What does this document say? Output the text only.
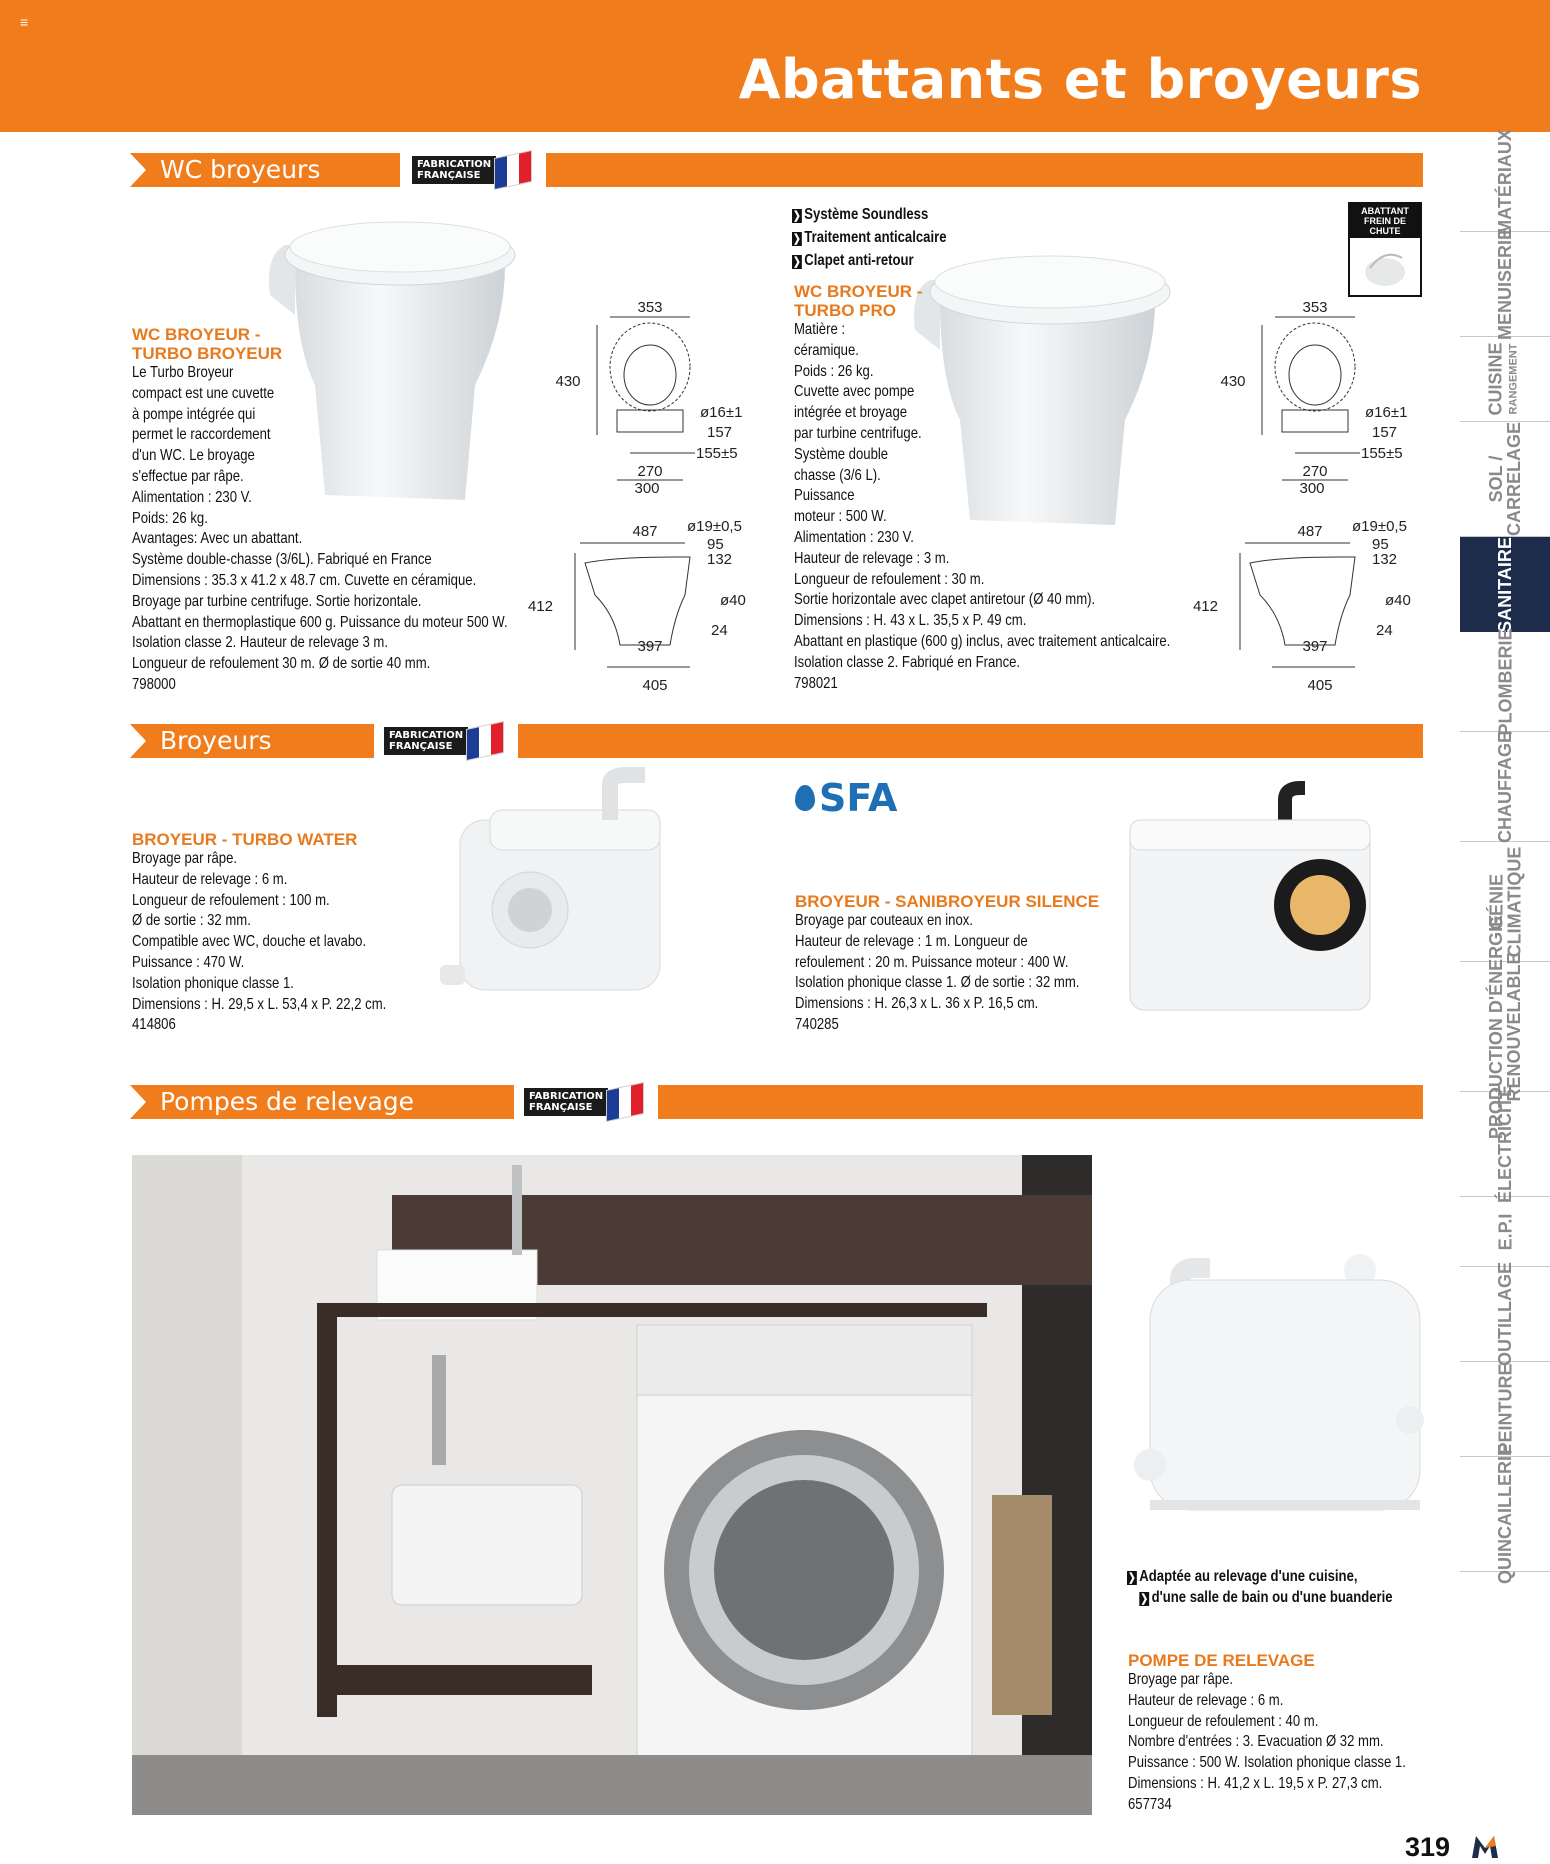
≡
Abattants et broyeurs
WC broyeurs	FABRICATION
FRANÇAISE
WC BROYEUR -
TURBO BROYEUR
Le Turbo Broyeur
compact est une cuvette
à pompe intégrée qui
permet le raccordement
d'un WC. Le broyage
s'effectue par râpe.
Alimentation : 230 V.
Poids: 26 kg.
Avantages: Avec un abattant.
Système double-chasse (3/6L). Fabriqué en France
Dimensions : 35.3 x 41.2 x 48.7 cm. Cuvette en céramique.
Broyage par turbine centrifuge. Sortie horizontale.
Abattant en thermoplastique 600 g. Puissance du moteur 500 W.
Isolation classe 2. Hauteur de relevage 3 m.
Longueur de refoulement 30 m. Ø de sortie 40 mm.
798000
353
430
ø16±1
157
155±5
270
300
487 ø19±0,5
95
132
412	ø40
24
397
405
❯ Système Soundless
❯ Traitement anticalcaire
❯ Clapet anti-retour
ABATTANT FREIN DE CHUTE
WC BROYEUR -
TURBO PRO
Matière :
céramique.
Poids : 26 kg.
Cuvette avec pompe
intégrée et broyage
par turbine centrifuge.
Système double
chasse (3/6 L).
Puissance
moteur : 500 W.
Alimentation : 230 V.
Hauteur de relevage : 3 m.
Longueur de refoulement : 30 m.
Sortie horizontale avec clapet antiretour (Ø 40 mm).
Dimensions : H. 43 x L. 35,5 x P. 49 cm.
Abattant en plastique (600 g) inclus, avec traitement anticalcaire.
Isolation classe 2. Fabriqué en France.
798021
353
430
ø16±1
157
155±5
270
300
487 ø19±0,5
95
132
412	ø40
24
397
405
Broyeurs	FABRICATION
FRANÇAISE
BROYEUR - TURBO WATER
Broyage par râpe.
Hauteur de relevage : 6 m.
Longueur de refoulement : 100 m.
Ø de sortie : 32 mm.
Compatible avec WC, douche et lavabo.
Puissance : 470 W.
Isolation phonique classe 1.
Dimensions : H. 29,5 x L. 53,4 x P. 22,2 cm.
414806
SFA
BROYEUR - SANIBROYEUR SILENCE
Broyage par couteaux en inox.
Hauteur de relevage : 1 m. Longueur de
refoulement : 20 m. Puissance moteur : 400 W.
Isolation phonique classe 1. Ø de sortie : 32 mm.
Dimensions : H. 26,3 x L. 36 x P. 16,5 cm.
740285
Pompes de relevage	FABRICATION
FRANÇAISE
❯ Adaptée au relevage d'une cuisine,
❯ d'une salle de bain ou d'une buanderie
POMPE DE RELEVAGE
Broyage par râpe.
Hauteur de relevage : 6 m.
Longueur de refoulement : 40 m.
Nombre d'entrées : 3. Evacuation Ø 32 mm.
Puissance : 500 W. Isolation phonique classe 1.
Dimensions : H. 41,2 x L. 19,5 x P. 27,3 cm.
657734
MATÉRIAUX
MENUISERIE
CUISINE RANGEMENT
SOL /
CARRELAGE
SANITAIRE
PLOMBERIE
CHAUFFAGE
GÉNIE
CLIMATIQUE
PRODUCTION D'ÉNERGIE
RENOUVELABLE
ÉLECTRICITÉ
E.P.I
OUTILLAGE
PEINTURE
QUINCAILLERIE
319
